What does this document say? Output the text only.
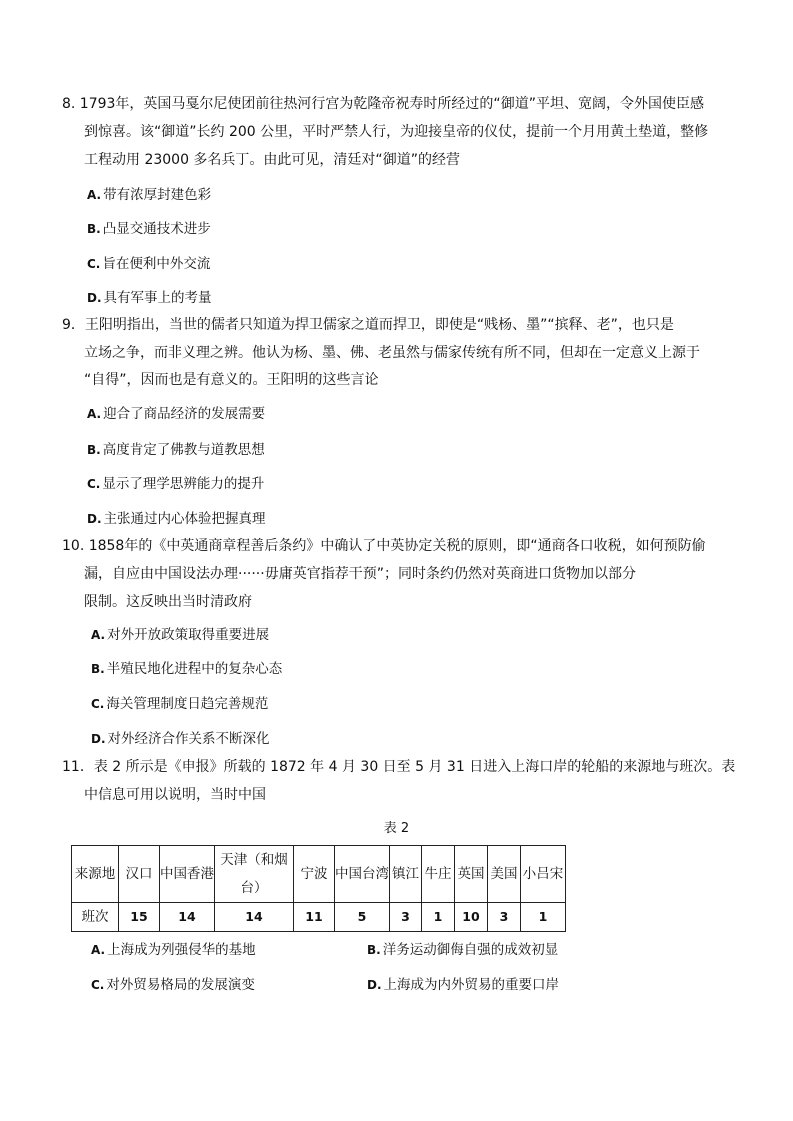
8. 1793年，英国马戛尔尼使团前往热河行宫为乾隆帝祝寿时所经过的“御道”平坦、宽阔，令外国使臣感
到惊喜。该“御道”长约 200 公里，平时严禁人行，为迎接皇帝的仪仗，提前一个月用黄土垫道，整修
工程动用 23000 多名兵丁。由此可见，清廷对“御道”的经营
A. 带有浓厚封建色彩
B. 凸显交通技术进步
C. 旨在便利中外交流
D. 具有军事上的考量
9．王阳明指出，当世的儒者只知道为捍卫儒家之道而捍卫，即使是“贱杨、墨”“摈释、老”，也只是
立场之争，而非义理之辨。他认为杨、墨、佛、老虽然与儒家传统有所不同，但却在一定意义上源于
“自得”，因而也是有意义的。王阳明的这些言论
A. 迎合了商品经济的发展需要
B. 高度肯定了佛教与道教思想
C. 显示了理学思辨能力的提升
D. 主张通过内心体验把握真理
10. 1858年的《中英通商章程善后条约》中确认了中英协定关税的原则，即“通商各口收税，如何预防偷
漏，自应由中国设法办理······毋庸英官指荐干预”；同时条约仍然对英商进口货物加以部分
限制。这反映出当时清政府
A. 对外开放政策取得重要进展
B. 半殖民地化进程中的复杂心态
C. 海关管理制度日趋完善规范
D. 对外经济合作关系不断深化
11．表 2 所示是《申报》所载的 1872 年 4 月 30 日至 5 月 31 日进入上海口岸的轮船的来源地与班次。表
中信息可用以说明，当时中国
表 2
来源地	汉口	中国香港	天津（和烟台）	宁波	中国台湾	镇江	牛庄	英国	美国	小吕宋

班次	15	14	14	11	5	3	1	10	3	1
A. 上海成为列强侵华的基地	B. 洋务运动御侮自强的成效初显
C. 对外贸易格局的发展演变	D. 上海成为内外贸易的重要口岸
